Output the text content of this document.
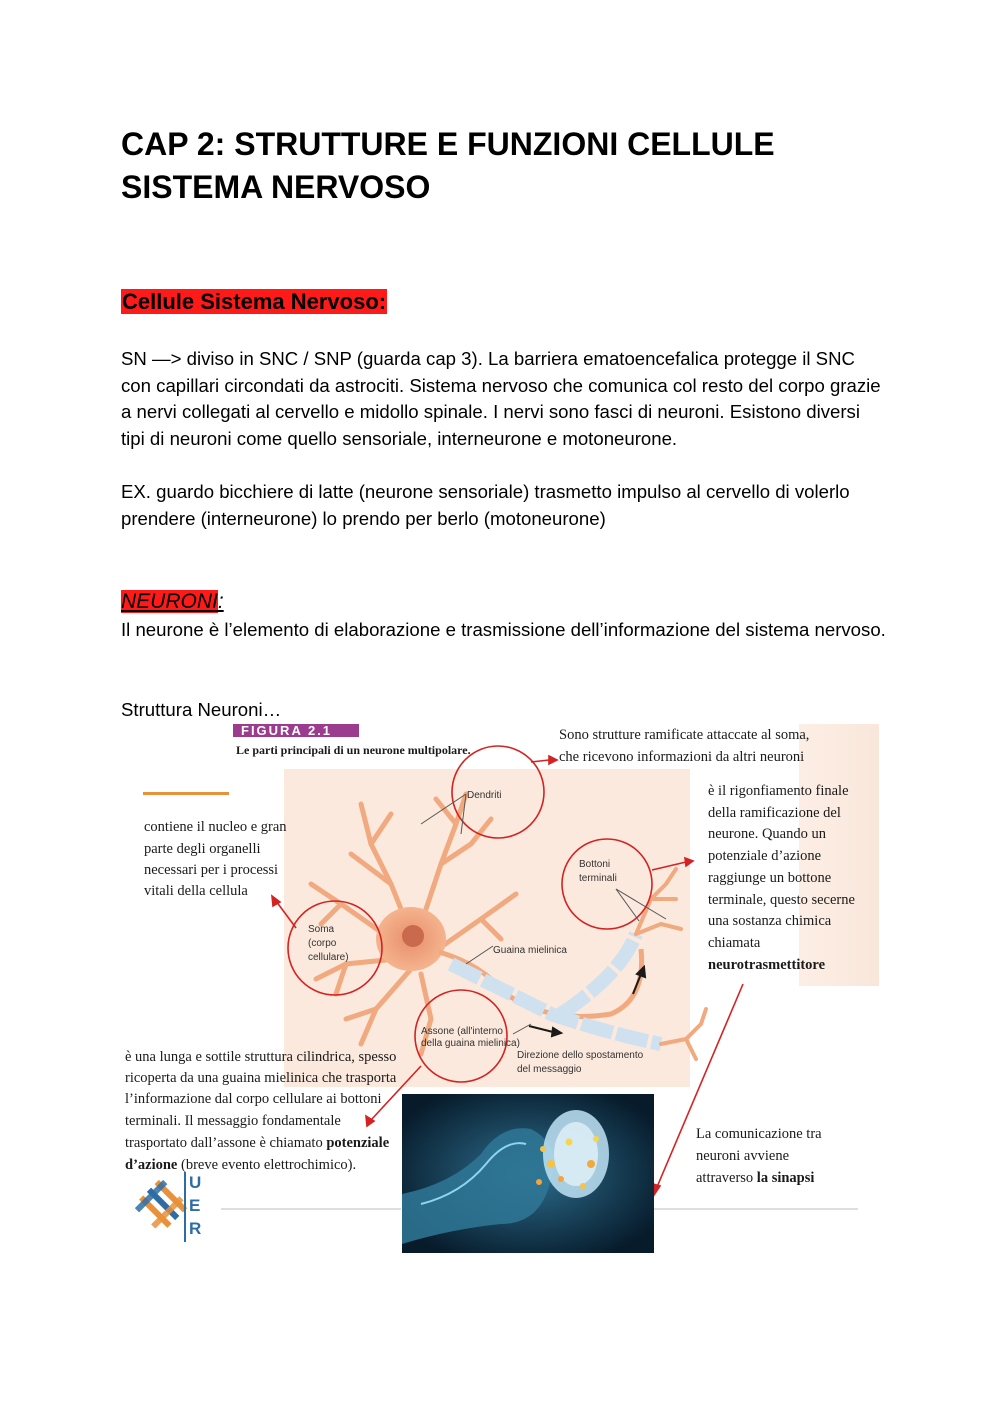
CAP 2: STRUTTURE E FUNZIONI CELLULE SISTEMA NERVOSO
Cellule Sistema Nervoso:

SN —> diviso in SNC / SNP (guarda cap 3). La barriera ematoencefalica protegge il SNC con capillari circondati da astrociti. Sistema nervoso che comunica col resto del corpo grazie a nervi collegati al cervello e midollo spinale. I nervi sono fasci di neuroni. Esistono diversi tipi di neuroni come quello sensoriale, interneurone e motoneurone.

EX. guardo bicchiere di latte (neurone sensoriale) trasmetto impulso al cervello di volerlo prendere (interneurone) lo prendo per berlo (motoneurone)

NEURONI:

Il neurone è l’elemento di elaborazione e trasmissione dell’informazione del sistema nervoso.

Struttura Neuroni…

FIGURA 2.1
Le parti principali di un neurone multipolare.
Dendriti
Bottoni
terminali
Soma
(corpo
cellulare)
Guaina mielinica
Assone (all'interno
della guaina mielinica)
Direzione dello spostamento
del messaggio
U
E
R
Sono strutture ramificate attaccate al soma,
che ricevono informazioni da altri neuroni
è il rigonfiamento finale
della ramificazione del
neurone. Quando un
potenziale d’azione
raggiunge un bottone
terminale, questo secerne
una sostanza chimica
chiamata
neurotrasmettitore
contiene il nucleo e gran
parte degli organelli
necessari per i processi
vitali della cellula
è una lunga e sottile struttura cilindrica, spesso
ricoperta da una guaina mielinica che trasporta
l’informazione dal corpo cellulare ai bottoni
terminali. Il messaggio fondamentale
trasportato dall’assone è chiamato potenziale
d’azione (breve evento elettrochimico).
La comunicazione tra
neuroni avviene
attraverso la sinapsi
